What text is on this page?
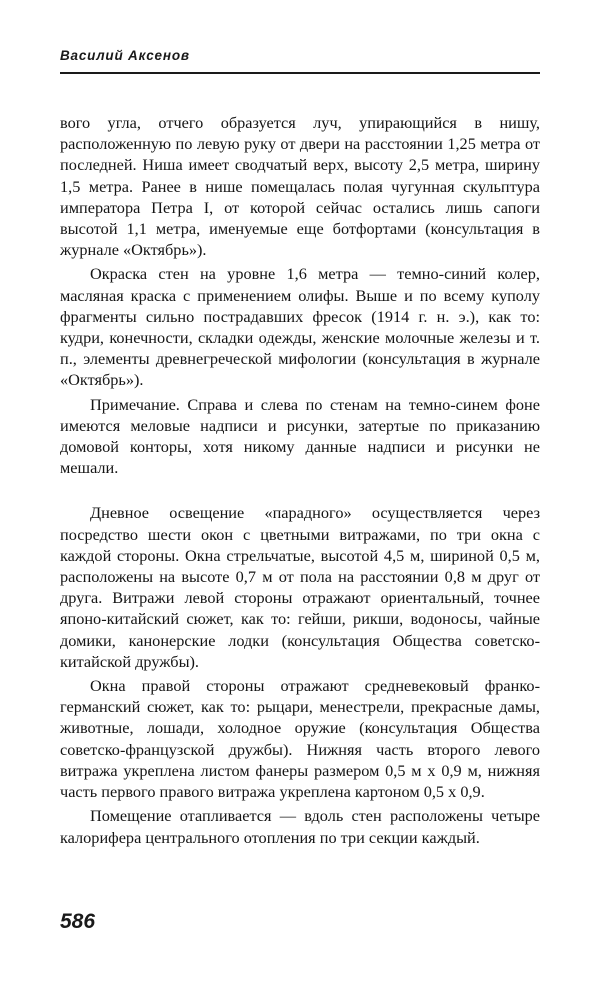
Василий Аксенов

вого угла, отчего образуется луч, упирающийся в нишу, расположенную по левую руку от двери на расстоянии 1,25 метра от последней. Ниша имеет сводчатый верх, высоту 2,5 метра, ширину 1,5 метра. Ранее в нише помещалась полая чугунная скульптура императора Петра I, от которой сейчас остались лишь сапоги высотой 1,1 метра, именуемые еще ботфортами (консультация в журнале «Октябрь»).

Окраска стен на уровне 1,6 метра — темно-синий колер, масляная краска с применением олифы. Выше и по всему куполу фрагменты сильно пострадавших фресок (1914 г. н. э.), как то: кудри, конечности, складки одежды, женские молочные железы и т. п., элементы древнегреческой мифологии (консультация в журнале «Октябрь»).

Примечание. Справа и слева по стенам на темно-синем фоне имеются меловые надписи и рисунки, затертые по приказанию домовой конторы, хотя никому данные надписи и рисунки не мешали.

Дневное освещение «парадного» осуществляется через посредство шести окон с цветными витражами, по три окна с каждой стороны. Окна стрельчатые, высотой 4,5 м, шириной 0,5 м, расположены на высоте 0,7 м от пола на расстоянии 0,8 м друг от друга. Витражи левой стороны отражают ориентальный, точнее японо-китайский сюжет, как то: гейши, рикши, водоносы, чайные домики, канонерские лодки (консультация Общества советско-китайской дружбы).

Окна правой стороны отражают средневековый франко-германский сюжет, как то: рыцари, менестрели, прекрасные дамы, животные, лошади, холодное оружие (консультация Общества советско-французской дружбы). Нижняя часть второго левого витража укреплена листом фанеры размером 0,5 м х 0,9 м, нижняя часть первого правого витража укреплена картоном 0,5 х 0,9.

Помещение отапливается — вдоль стен расположены четыре калорифера центрального отопления по три секции каждый.

586
